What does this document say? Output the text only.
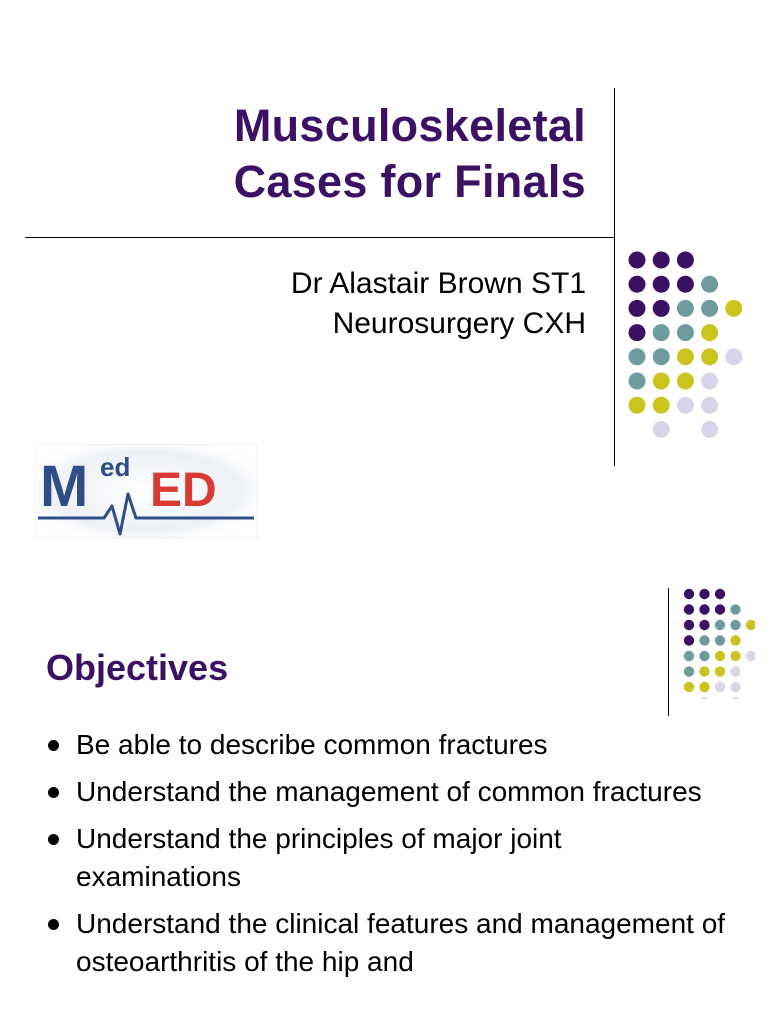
Musculoskeletal
Cases for Finals
Dr Alastair Brown ST1
Neurosurgery CXH
M ed ED
Objectives
Be able to describe common fractures
Understand the management of common fractures
Understand the principles of major joint examinations
Understand the clinical features and management of osteoarthritis of the hip and
